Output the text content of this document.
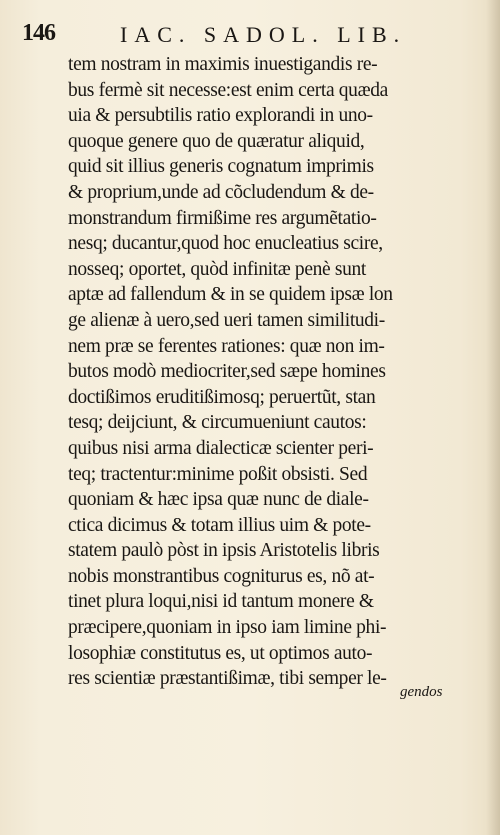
146	IAC. SADOL. LIB.
tem nostram in maximis inuestigandis re-
bus fermè sit necesse:est enim certa quæda
uia & persubtilis ratio explorandi in uno-
quoque genere quo de quæratur aliquid,
quid sit illius generis cognatum imprimis
& proprium,unde ad cõcludendum & de-
monstrandum firmißime res argumẽtatio-
nesq; ducantur,quod hoc enucleatius scire,
nosseq; oportet, quòd infinitæ penè sunt
aptæ ad fallendum & in se quidem ipsæ lon
ge alienæ à uero,sed ueri tamen similitudi-
nem præ se ferentes rationes: quæ non im-
butos modò mediocriter,sed sæpe homines
doctißimos eruditißimosq; peruertũt, stan
tesq; deijciunt, & circumueniunt cautos:
quibus nisi arma dialecticæ scienter peri-
teq; tractentur:minime poßit obsisti. Sed
quoniam & hæc ipsa quæ nunc de diale-
ctica dicimus & totam illius uim & pote-
statem paulò pòst in ipsis Aristotelis libris
nobis monstrantibus cogniturus es, nõ at-
tinet plura loqui,nisi id tantum monere &
præcipere,quoniam in ipso iam limine phi-
losophiæ constitutus es, ut optimos auto-
res scientiæ præstantißimæ, tibi semper le-
gendos
